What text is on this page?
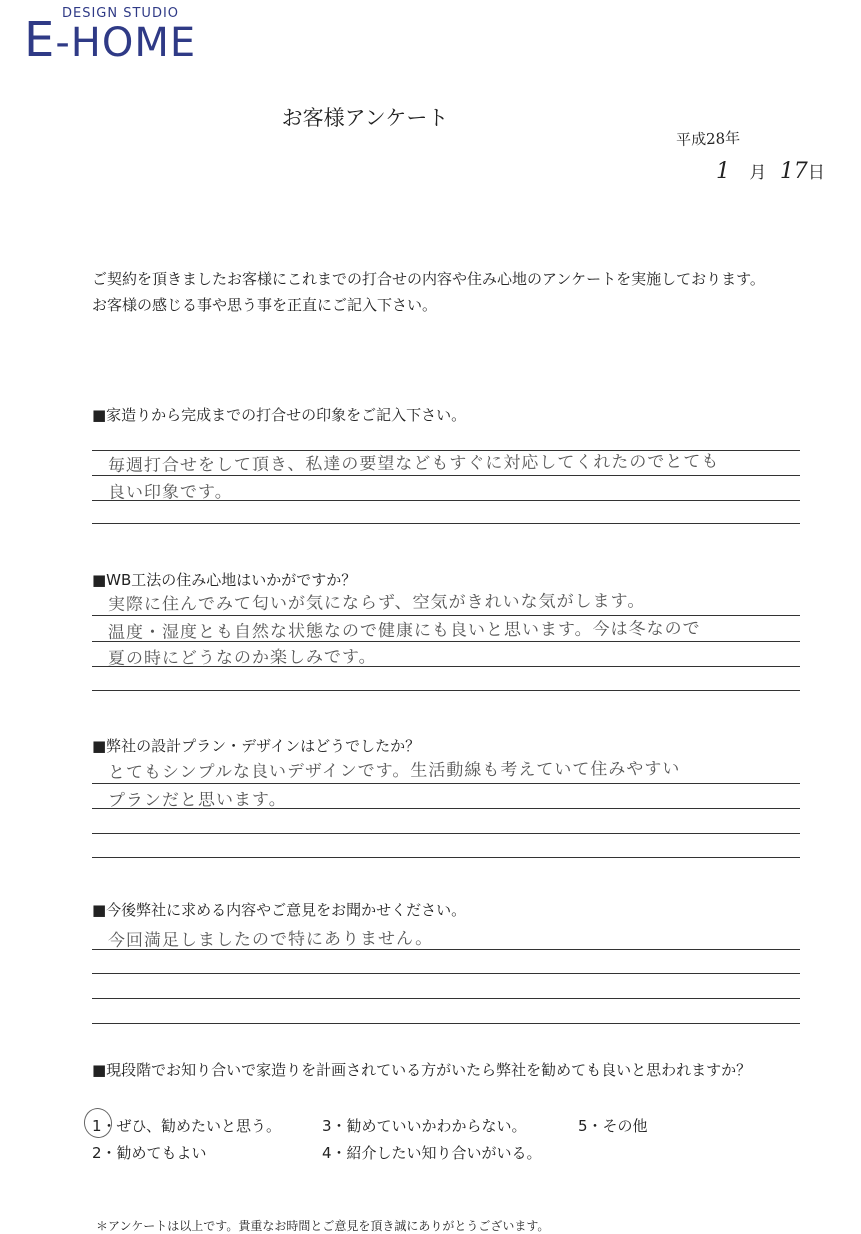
DESIGN STUDIO
E-HOME
お客様アンケート
平成28年
1 月 17日
ご契約を頂きましたお客様にこれまでの打合せの内容や住み心地のアンケートを実施しております。
お客様の感じる事や思う事を正直にご記入下さい。
■家造りから完成までの打合せの印象をご記入下さい。
毎週打合せをして頂き、私達の要望などもすぐに対応してくれたのでとても
良い印象です。
■WB工法の住み心地はいかがですか？
実際に住んでみて匂いが気にならず、空気がきれいな気がします。
温度・湿度とも自然な状態なので健康にも良いと思います。今は冬なので
夏の時にどうなのか楽しみです。
■弊社の設計プラン・デザインはどうでしたか？
とてもシンプルな良いデザインです。生活動線も考えていて住みやすい
プランだと思います。
■今後弊社に求める内容やご意見をお聞かせください。
今回満足しましたので特にありません。
■現段階でお知り合いで家造りを計画されている方がいたら弊社を勧めても良いと思われますか？
1・ぜひ、勧めたいと思う。
2・勧めてもよい
3・勧めていいかわからない。
4・紹介したい知り合いがいる。
5・その他
＊アンケートは以上です。貴重なお時間とご意見を頂き誠にありがとうございます。
